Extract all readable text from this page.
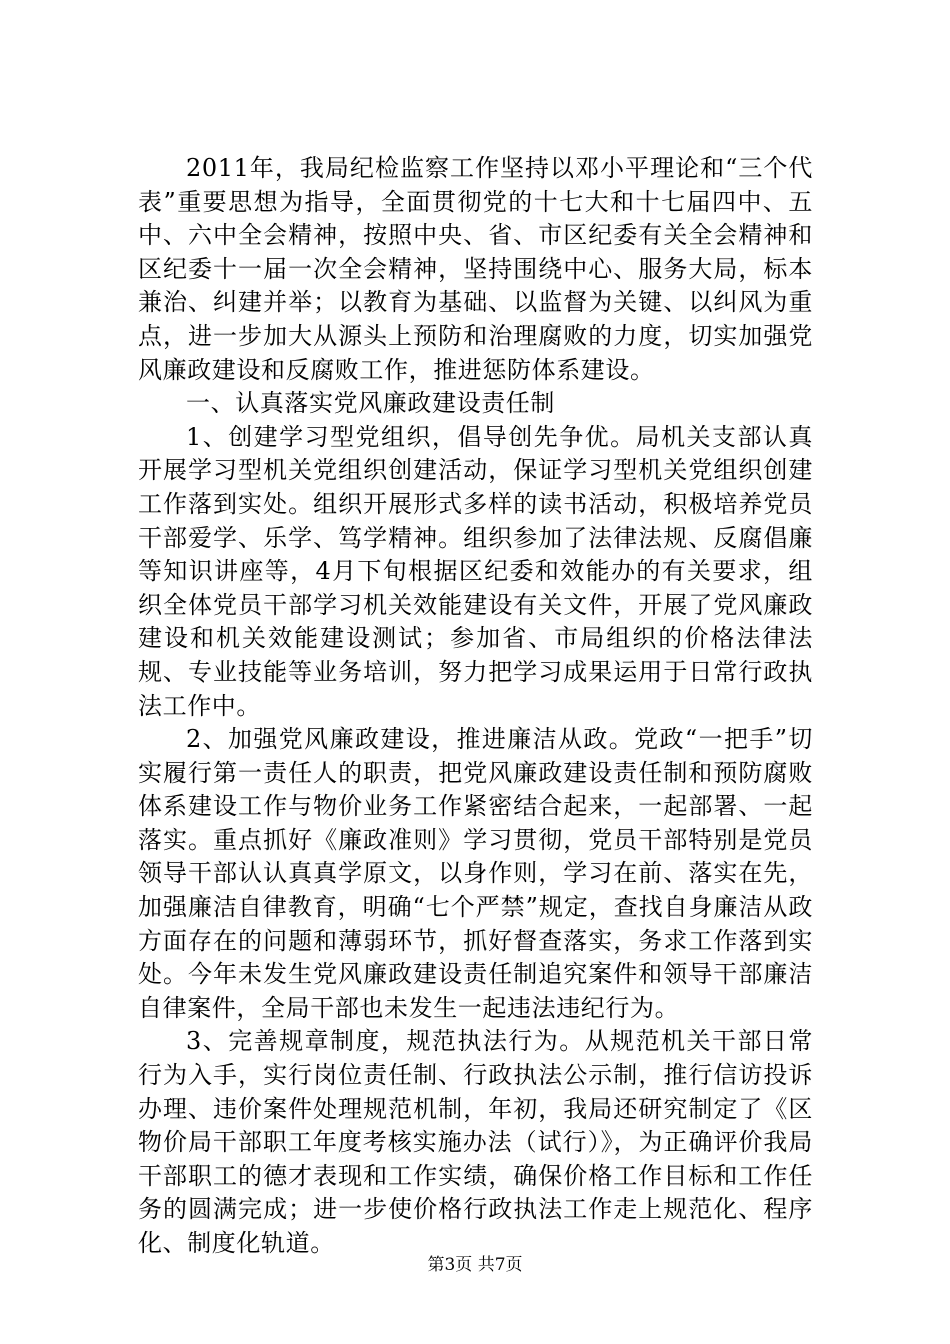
2011年，我局纪检监察工作坚持以邓小平理论和“三个代表”重要思想为指导，全面贯彻党的十七大和十七届四中、五中、六中全会精神，按照中央、省、市区纪委有关全会精神和区纪委十一届一次全会精神，坚持围绕中心、服务大局，标本兼治、纠建并举；以教育为基础、以监督为关键、以纠风为重点，进一步加大从源头上预防和治理腐败的力度，切实加强党风廉政建设和反腐败工作，推进惩防体系建设。

一、认真落实党风廉政建设责任制

1、创建学习型党组织，倡导创先争优。局机关支部认真开展学习型机关党组织创建活动，保证学习型机关党组织创建工作落到实处。组织开展形式多样的读书活动，积极培养党员干部爱学、乐学、笃学精神。组织参加了法律法规、反腐倡廉等知识讲座等，4月下旬根据区纪委和效能办的有关要求，组织全体党员干部学习机关效能建设有关文件，开展了党风廉政建设和机关效能建设测试；参加省、市局组织的价格法律法规、专业技能等业务培训，努力把学习成果运用于日常行政执法工作中。

2、加强党风廉政建设，推进廉洁从政。党政“一把手”切实履行第一责任人的职责，把党风廉政建设责任制和预防腐败体系建设工作与物价业务工作紧密结合起来，一起部署、一起落实。重点抓好《廉政准则》学习贯彻，党员干部特别是党员领导干部认认真真学原文，以身作则，学习在前、落实在先，加强廉洁自律教育，明确“七个严禁”规定，查找自身廉洁从政方面存在的问题和薄弱环节，抓好督查落实，务求工作落到实处。今年未发生党风廉政建设责任制追究案件和领导干部廉洁自律案件，全局干部也未发生一起违法违纪行为。

3、完善规章制度，规范执法行为。从规范机关干部日常行为入手，实行岗位责任制、行政执法公示制，推行信访投诉办理、违价案件处理规范机制，年初，我局还研究制定了《区物价局干部职工年度考核实施办法（试行）》，为正确评价我局干部职工的德才表现和工作实绩，确保价格工作目标和工作任务的圆满完成；进一步使价格行政执法工作走上规范化、程序化、制度化轨道。

第3页 共7页
